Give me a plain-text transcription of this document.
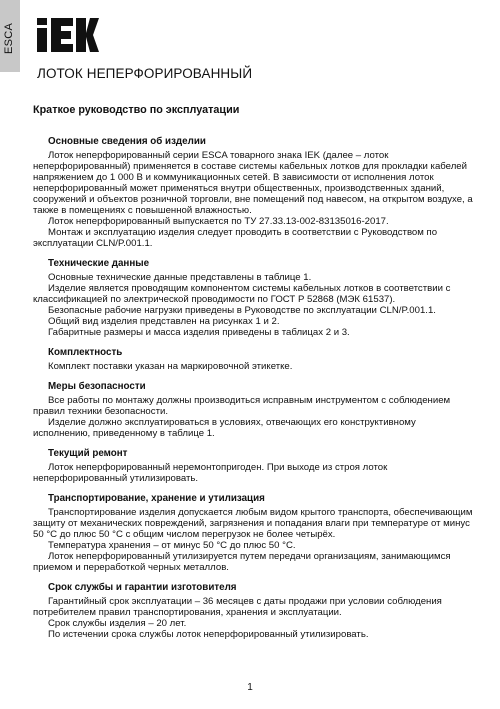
ESCA
ЛОТОК НЕПЕРФОРИРОВАННЫЙ
Краткое руководство по эксплуатации
Основные сведения об изделии

Лоток неперфорированный серии ESCA товарного знака IEK (далее – лоток неперфорированный) применяется в составе системы кабельных лотков для прокладки кабелей напряжением до 1 000 В и коммуникационных сетей. В зависимости от исполнения лоток неперфорированный может применяться внутри общественных, производственных зданий, сооружений и объектов розничной торговли, вне помещений под навесом, на открытом воздухе, а также в помещениях с повышенной влажностью.

Лоток неперфорированный выпускается по ТУ 27.33.13-002-83135016-2017.

Монтаж и эксплуатацию изделия следует проводить в соответствии с Руководством по эксплуатации CLN/P.001.1.

Технические данные

Основные технические данные представлены в таблице 1.

Изделие является проводящим компонентом системы кабельных лотков в соответствии с классификацией по электрической проводимости по ГОСТ Р 52868 (МЭК 61537).

Безопасные рабочие нагрузки приведены в Руководстве по эксплуатации CLN/P.001.1.

Общий вид изделия представлен на рисунках 1 и 2.

Габаритные размеры и масса изделия приведены в таблицах 2 и 3.

Комплектность

Комплект поставки указан на маркировочной этикетке.

Меры безопасности

Все работы по монтажу должны производиться исправным инструментом с соблюдением правил техники безопасности.

Изделие должно эксплуатироваться в условиях, отвечающих его конструктивному исполнению, приведенному в таблице 1.

Текущий ремонт

Лоток неперфорированный неремонтопригоден. При выходе из строя лоток неперфорированный утилизировать.

Транспортирование, хранение и утилизация

Транспортирование изделия допускается любым видом крытого транспорта, обеспечивающим защиту от механических повреждений, загрязнения и попадания влаги при температуре от минус 50 °С до плюс 50 °С с общим числом перегрузок не более четырёх.

Температура хранения – от минус 50 °С до плюс 50 °С.

Лоток неперфорированный утилизируется путем передачи организациям, занимающимся приемом и переработкой черных металлов.

Срок службы и гарантии изготовителя

Гарантийный срок эксплуатации – 36 месяцев с даты продажи при условии соблюдения потребителем правил транспортирования, хранения и эксплуатации.

Срок службы изделия – 20 лет.

По истечении срока службы лоток неперфорированный утилизировать.

1
